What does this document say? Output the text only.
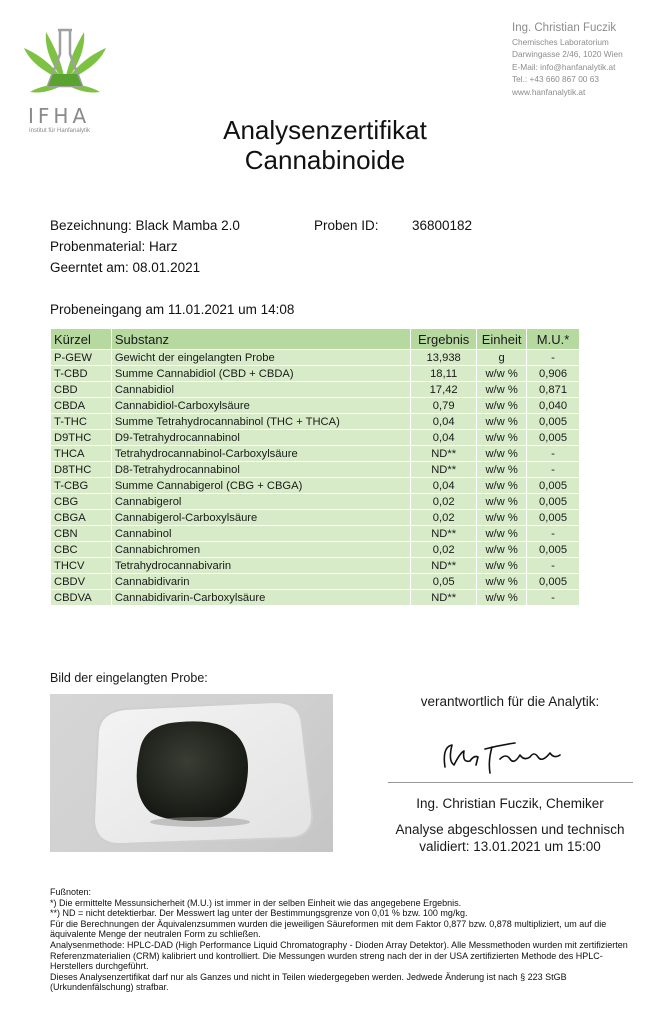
IFHA
Institut für Hanfanalytik
Ing. Christian Fuczik
Chemisches Laboratorium
Darwingasse 2/46, 1020 Wien
E-Mail: info@hanfanalytik.at
Tel.: +43 660 867 00 63
www.hanfanalytik.at
Analysenzertifikat
Cannabinoide
Bezeichnung: Black Mamba 2.0	Proben ID: 36800182
Probenmaterial: Harz
Geerntet am: 08.01.2021
Probeneingang am 11.01.2021 um 14:08
Kürzel	Substanz	Ergebnis	Einheit	M.U.*
P-GEW	Gewicht der eingelangten Probe	13,938	g	-
T-CBD	Summe Cannabidiol (CBD + CBDA)	18,11	w/w %	0,906
CBD	Cannabidiol	17,42	w/w %	0,871
CBDA	Cannabidiol-Carboxylsäure	0,79	w/w %	0,040
T-THC	Summe Tetrahydrocannabinol (THC + THCA)	0,04	w/w %	0,005
D9THC	D9-Tetrahydrocannabinol	0,04	w/w %	0,005
THCA	Tetrahydrocannabinol-Carboxylsäure	ND**	w/w %	-
D8THC	D8-Tetrahydrocannabinol	ND**	w/w %	-
T-CBG	Summe Cannabigerol (CBG + CBGA)	0,04	w/w %	0,005
CBG	Cannabigerol	0,02	w/w %	0,005
CBGA	Cannabigerol-Carboxylsäure	0,02	w/w %	0,005
CBN	Cannabinol	ND**	w/w %	-
CBC	Cannabichromen	0,02	w/w %	0,005
THCV	Tetrahydrocannabivarin	ND**	w/w %	-
CBDV	Cannabidivarin	0,05	w/w %	0,005
CBDVA	Cannabidivarin-Carboxylsäure	ND**	w/w %	-
Bild der eingelangten Probe:
verantwortlich für die Analytik:
Ing. Christian Fuczik, Chemiker
Analyse abgeschlossen und technisch
validiert: 13.01.2021 um 15:00
Fußnoten:
*) Die ermittelte Messunsicherheit (M.U.) ist immer in der selben Einheit wie das angegebene Ergebnis.
**) ND = nicht detektierbar. Der Messwert lag unter der Bestimmungsgrenze von 0,01 % bzw. 100 mg/kg.
Für die Berechnungen der Äquivalenzsummen wurden die jeweiligen Säureformen mit dem Faktor 0,877 bzw. 0,878 multipliziert, um auf die äquivalente Menge der neutralen Form zu schließen.
Analysenmethode: HPLC-DAD (High Performance Liquid Chromatography - Dioden Array Detektor). Alle Messmethoden wurden mit zertifizierten Referenzmaterialien (CRM) kalibriert und kontrolliert. Die Messungen wurden streng nach der in der USA zertifizierten Methode des HPLC-Herstellers durchgeführt.
Dieses Analysenzertifikat darf nur als Ganzes und nicht in Teilen wiedergegeben werden. Jedwede Änderung ist nach § 223 StGB (Urkundenfälschung) strafbar.
